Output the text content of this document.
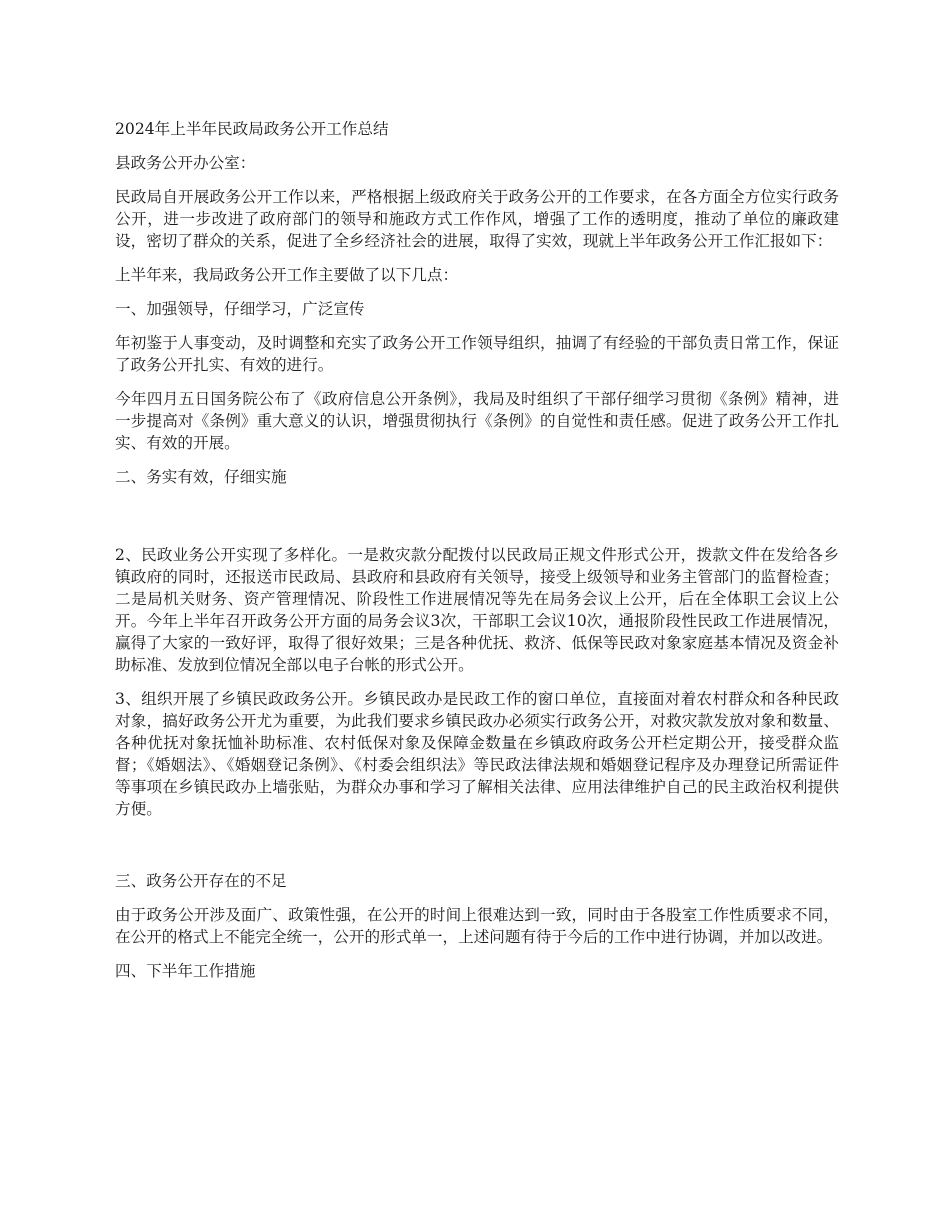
2024年上半年民政局政务公开工作总结

县政务公开办公室：

民政局自开展政务公开工作以来，严格根据上级政府关于政务公开的工作要求，在各方面全方位实行政务公开，进一步改进了政府部门的领导和施政方式工作作风，增强了工作的透明度，推动了单位的廉政建设，密切了群众的关系，促进了全乡经济社会的进展，取得了实效，现就上半年政务公开工作汇报如下：

上半年来，我局政务公开工作主要做了以下几点：

一、加强领导，仔细学习，广泛宣传

年初鉴于人事变动，及时调整和充实了政务公开工作领导组织，抽调了有经验的干部负责日常工作，保证了政务公开扎实、有效的进行。

今年四月五日国务院公布了《政府信息公开条例》，我局及时组织了干部仔细学习贯彻《条例》精神，进一步提高对《条例》重大意义的认识，增强贯彻执行《条例》的自觉性和责任感。促进了政务公开工作扎实、有效的开展。

二、务实有效，仔细实施

2、民政业务公开实现了多样化。一是救灾款分配拨付以民政局正规文件形式公开，拨款文件在发给各乡镇政府的同时，还报送市民政局、县政府和县政府有关领导，接受上级领导和业务主管部门的监督检查；二是局机关财务、资产管理情况、阶段性工作进展情况等先在局务会议上公开，后在全体职工会议上公开。今年上半年召开政务公开方面的局务会议3次，干部职工会议10次，通报阶段性民政工作进展情况，赢得了大家的一致好评，取得了很好效果；三是各种优抚、救济、低保等民政对象家庭基本情况及资金补助标准、发放到位情况全部以电子台帐的形式公开。

3、组织开展了乡镇民政政务公开。乡镇民政办是民政工作的窗口单位，直接面对着农村群众和各种民政对象，搞好政务公开尤为重要，为此我们要求乡镇民政办必须实行政务公开，对救灾款发放对象和数量、各种优抚对象抚恤补助标准、农村低保对象及保障金数量在乡镇政府政务公开栏定期公开，接受群众监督；《婚姻法》、《婚姻登记条例》、《村委会组织法》等民政法律法规和婚姻登记程序及办理登记所需证件等事项在乡镇民政办上墙张贴，为群众办事和学习了解相关法律、应用法律维护自己的民主政治权利提供方便。

三、政务公开存在的不足

由于政务公开涉及面广、政策性强，在公开的时间上很难达到一致，同时由于各股室工作性质要求不同，在公开的格式上不能完全统一，公开的形式单一，上述问题有待于今后的工作中进行协调，并加以改进。

四、下半年工作措施
